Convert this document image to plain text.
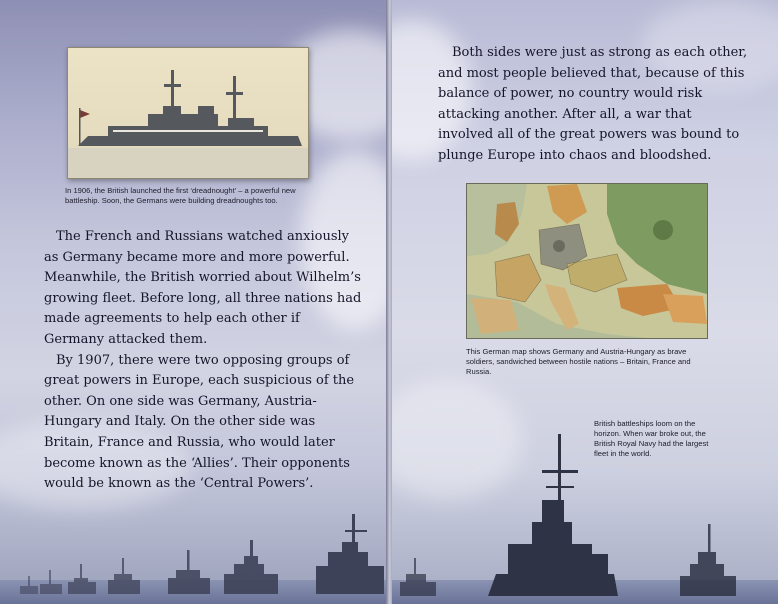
In 1906, the British launched the first ‘dreadnought’ – a powerful new battleship. Soon, the Germans were building dreadnoughts too.

The French and Russians watched anxiously as Germany became more and more powerful. Meanwhile, the British worried about Wilhelm’s growing fleet. Before long, all three nations had made agreements to help each other if Germany attacked them.

By 1907, there were two opposing groups of great powers in Europe, each suspicious of the other. On one side was Germany, Austria-Hungary and Italy. On the other side was Britain, France and Russia, who would later become known as the ‘Allies’. Their opponents would be known as the ‘Central Powers’.

Both sides were just as strong as each other, and most people believed that, because of this balance of power, no country would risk attacking another. After all, a war that involved all of the great powers was bound to plunge Europe into chaos and bloodshed.

This German map shows Germany and Austria-Hungary as brave soldiers, sandwiched between hostile nations – Britain, France and Russia.
British battleships loom on the horizon. When war broke out, the British Royal Navy had the largest fleet in the world.
